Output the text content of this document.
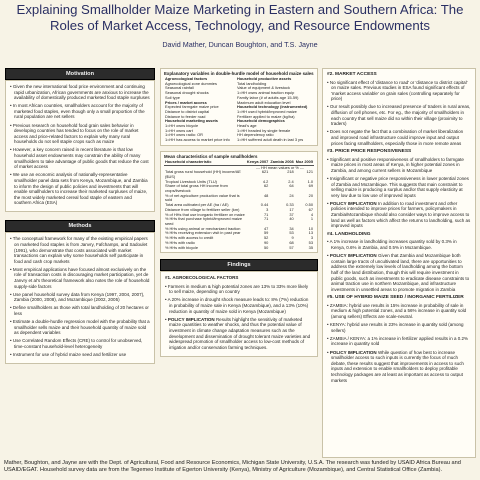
Explaining Smallholder Maize Marketing in Eastern and Southern Africa: The Roles of Market Access, Technology, and Resource Endowments
David Mather, Duncan Boughton, and T.S. Jayne
Motivation
• Given the new international food price environment and continuing rapid urbanization, African governments are anxious to increase the availability of domestically produced marketed food staple surpluses
• In most African countries, smallholders account for the majority of marketed food staples, even though only a small proportion of the rural population are net sellers
• Previous research on household food grain sales behavior in developing countries has tended to focus on the role of market access and price-related factors to explain why many rural households do not sell staple crops such as maize
• However, a key concern raised in recent literature is that low household asset endowments may constrain the ability of many smallholders to take advantage of public goods that reduce the cost of market access
• We use an economic analysis of nationally-representative smallholder panel data sets from Kenya, Mozambique, and Zambia to inform the design of public policies and investments that will enable smallholders to increase their marketed surpluses of maize, the most widely marketed cereal food staple of eastern and southern Africa (ESA)
Methods
• The conceptual framework for many of the existing empirical papers on marketed food staples is from Janvry, Fafchamps, and Sadoulet (1991), who demonstrate that costs associated with market transactions can explain why some households self participate in food and cash crop markets
• Most empirical applications have focused almost exclusively on the role of transaction costs in discouraging market participation, yet de Janvry et al's theoretical framework also notes the role of household supply-side factors
• Use panel household survey data from Kenya (1997, 2004, 2007), Zambia (2000, 2008), and Mozambique (2002, 2005)
• Define smallholders as those with total landholding of 20 hectares or less
• Estimate a double-hurdle regression model with the probability that a smallholder sells maize and their household quantity of maize sold as dependent variables
• Use Correlated Random Effects (CRE) to control for unobserved, time-constant household-level heterogeneity
• Instrument for use of hybrid maize seed and fertilizer use
Explanatory variables in double-hurdle model of household maize sales
Agroecological factors	Household productive assets
Agroecological zone dummies	Total landholding
Seasonal rainfall	Value of equipment & livestock
Seasonal drought shocks	1=HH owns animal traction equip
Soil type	Family labor (# of adults age 15-59)
Prices / market access	Maximum adult education level
Expected farmgate maize price	Household technology (instrumented)
Distance to district capital	1=HH used hybrid/improved maize
Distance to feeder road	Fertilizer applied to maize (kg/ha)
Household marketing assets	Household demographics
1=HH owns bicycle	Head's age
1=HH owns cart	1=HH headed by single female
1=HH owns radio: OR	HH dependency ratio
1=HH has access to market price info	1=HH suffered adult death in last 3 yrs
Mean characteristics of sample smallholders
Household characteristic	Kenya 2007	Zambia 2008	Moz 2005
	--- HH mean values or % ---		
Total gross rural household (HH) income/AE ($US)	621	218	121
Tropical Livestock Units (TLU)	4.2	2.4	1.0
Share of total gross HH income from crops/livestock	62	64	69
% of net agriculture production value that is sold	48	24	20
Total area cultivated per AE (ha / AE)	0.44	0.33	0.50
Distance from village to fertilizer seller (km)	3	17	67
% of HHs that use inorganic fertilizer on maize	71	37	4
% HHs that purchase hybrid/improved maize seed	71	40	1
% HHs using animal or mechanized traction	47	34	10
% HHs receiving extension visit in past year	59	53	13
% HHs with access to credit	52	9	3
% HHs with radio	90	68	53
% HHs with bicycle	50	57	35
Findings

#1. AGROECOLOGICAL FACTORS

• Farmers in medium & high potential zones are 13% to 33% more likely to sell maize, depending on country
• A 20% increase in drought shock measure leads to: 8% (7%) reduction in probability of maize sale in Kenya (Mozambique), and a 13% (10%) reduction in quantity of maize sold in Kenya (Mozambique)
• POLICY IMPLICATION Results highlight the sensitivity of marketed maize quantities to weather shocks, and thus the potential value of investment in climate change adaptation measures such as the development and dissemination of drought tolerant maize varieties and widespread promotion of smallholder access to low-cost methods of irrigation and/or conservation farming techniques.
#2. MARKET ACCESS
• No significant effect of 'distance to road' or 'distance to district capital' on maize sales. Previous studies in ESA found significant effects of 'market access variable' on grain sales (controlling separately for price)
• Our result possibly due to increased presence of traders in rural areas, diffusion of cell phones, etc. For eg., the majority of smallholders in each country that sell maize did so within their village (proximity to traders)
• Does not negate the fact that a combination of market liberalization and improved road infrastructure could improve input and output prices facing smallholders, especially those in more remote areas
#3. PRICE PRICE RESPONSIVENESS
• Significant and positive responsiveness of smallholders to farmgate maize prices in most areas of Kenya, in higher potential zones in Zambia, and among current sellers in Mozambique
• Insignificant or negative price responsiveness in lower potential zones of Zambia and Mozambique. This suggests that main constraint to selling maize is producing a surplus and/or that supply elasticity at very low due to low use of improved inputs
• POLICY IMPLICATION In addition to road investment and other policies intended to improve prices for farmers, policymakers in Zambia/Mozambique should also consider ways to improve access to land as well as factors which affect the returns to landholding, such as improved inputs
#4. LANDHOLDING
• A 1% increase in landholding increases quantity sold by 0.3% in Kenya, 0.6% in Zambia, and 0.5% in Mozambique.
• POLICY IMPLICATION Given that Zambia and Mozambique both contain large tracts of uncultivated land, there are opportunities to address the extremely low levels of landholding among the bottom half of the land distribution, though this will require investment in public goods, such as investments to eradicate disease constraints to animal traction use in northern Mozambique, and infrastructure investments in unsettled areas to promote migration in Zambia
#5. USE OF HYBRID MAIZE SEED / INORGANIC FERTILIZER
• ZAMBIA: hybrid use results in 15% increase in probability of sale in medium & high potential zones, and a 56% increase in quantity sold (among sellers) Effects are scale-neutral.
• KENYA: hybrid use results in 23% increase in quantity sold (among sellers)
• ZAMBIA / KENYA: a 1% increase in fertilizer applied results in a 0.2% increase in quantity sold
• POLICY IMPLICATION While question of how best to increase smallholder access to such inputs is currently the focus of much debate, these results suggest that improvements in access to such inputs and extension to enable smallholders to deploy profitable technology packages are at least as important as access to output markets
Mather, Boughton, and Jayne are with the Dept. of Agricultural, Food and Resource Economics, Michigan State University, U.S.A. The research was funded by USAID Africa Bureau and USAID/EGAT. Household survey data are from the Tegemeo Institute of Egerton University (Kenya), Ministry of Agriculture (Mozambique), and Central Statistical Office (Zambia).
